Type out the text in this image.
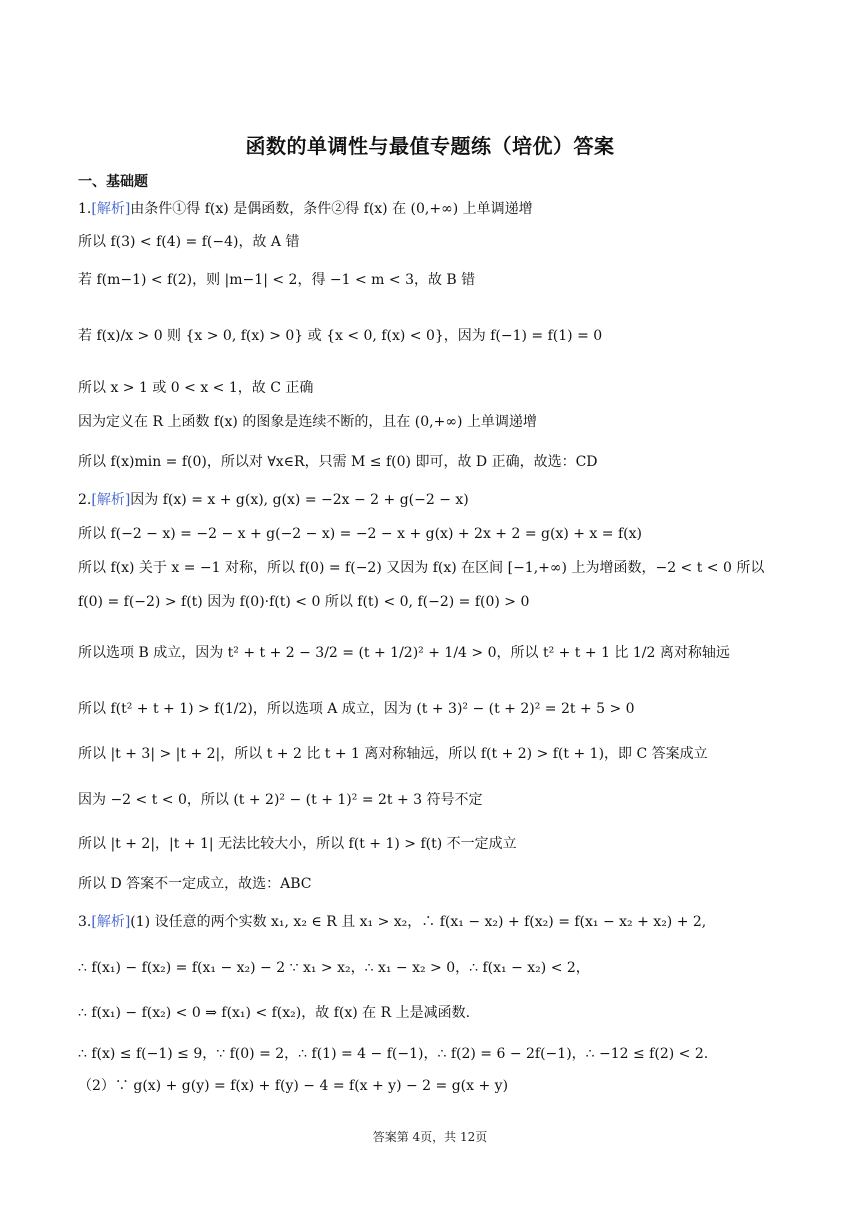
函数的单调性与最值专题练（培优）答案
一、基础题
1.[解析]由条件①得 f(x) 是偶函数，条件②得 f(x) 在 (0,+∞) 上单调递增
所以 f(3) < f(4) = f(−4)，故 A 错
若 f(m−1) < f(2)，则 |m−1| < 2，得 −1 < m < 3，故 B 错
若 f(x)/x > 0 则 {x > 0, f(x) > 0} 或 {x < 0, f(x) < 0}，因为 f(−1) = f(1) = 0
所以 x > 1 或 0 < x < 1，故 C 正确
因为定义在 R 上函数 f(x) 的图象是连续不断的，且在 (0,+∞) 上单调递增
所以 f(x)min = f(0)，所以对 ∀x∈R，只需 M ≤ f(0) 即可，故 D 正确，故选：CD
2.[解析]因为 f(x) = x + g(x), g(x) = −2x − 2 + g(−2 − x)
所以 f(−2 − x) = −2 − x + g(−2 − x) = −2 − x + g(x) + 2x + 2 = g(x) + x = f(x)
所以 f(x) 关于 x = −1 对称，所以 f(0) = f(−2) 又因为 f(x) 在区间 [−1,+∞) 上为增函数，−2 < t < 0 所以
f(0) = f(−2) > f(t) 因为 f(0)·f(t) < 0 所以 f(t) < 0, f(−2) = f(0) > 0
所以选项 B 成立，因为 t² + t + 2 − 3/2 = (t + 1/2)² + 1/4 > 0，所以 t² + t + 1 比 1/2 离对称轴远
所以 f(t² + t + 1) > f(1/2)，所以选项 A 成立，因为 (t + 3)² − (t + 2)² = 2t + 5 > 0
所以 |t + 3| > |t + 2|，所以 t + 2 比 t + 1 离对称轴远，所以 f(t + 2) > f(t + 1)，即 C 答案成立
因为 −2 < t < 0，所以 (t + 2)² − (t + 1)² = 2t + 3 符号不定
所以 |t + 2|，|t + 1| 无法比较大小，所以 f(t + 1) > f(t) 不一定成立
所以 D 答案不一定成立，故选：ABC
3.[解析](1) 设任意的两个实数 x₁, x₂ ∈ R 且 x₁ > x₂，∴ f(x₁ − x₂) + f(x₂) = f(x₁ − x₂ + x₂) + 2,
∴ f(x₁) − f(x₂) = f(x₁ − x₂) − 2 ∵ x₁ > x₂，∴ x₁ − x₂ > 0，∴ f(x₁ − x₂) < 2，
∴ f(x₁) − f(x₂) < 0 ⇒ f(x₁) < f(x₂)，故 f(x) 在 R 上是减函数.
∴ f(x) ≤ f(−1) ≤ 9，∵ f(0) = 2，∴ f(1) = 4 − f(−1)，∴ f(2) = 6 − 2f(−1)，∴ −12 ≤ f(2) < 2.
（2）∵ g(x) + g(y) = f(x) + f(y) − 4 = f(x + y) − 2 = g(x + y)
答案第 4页，共 12页
